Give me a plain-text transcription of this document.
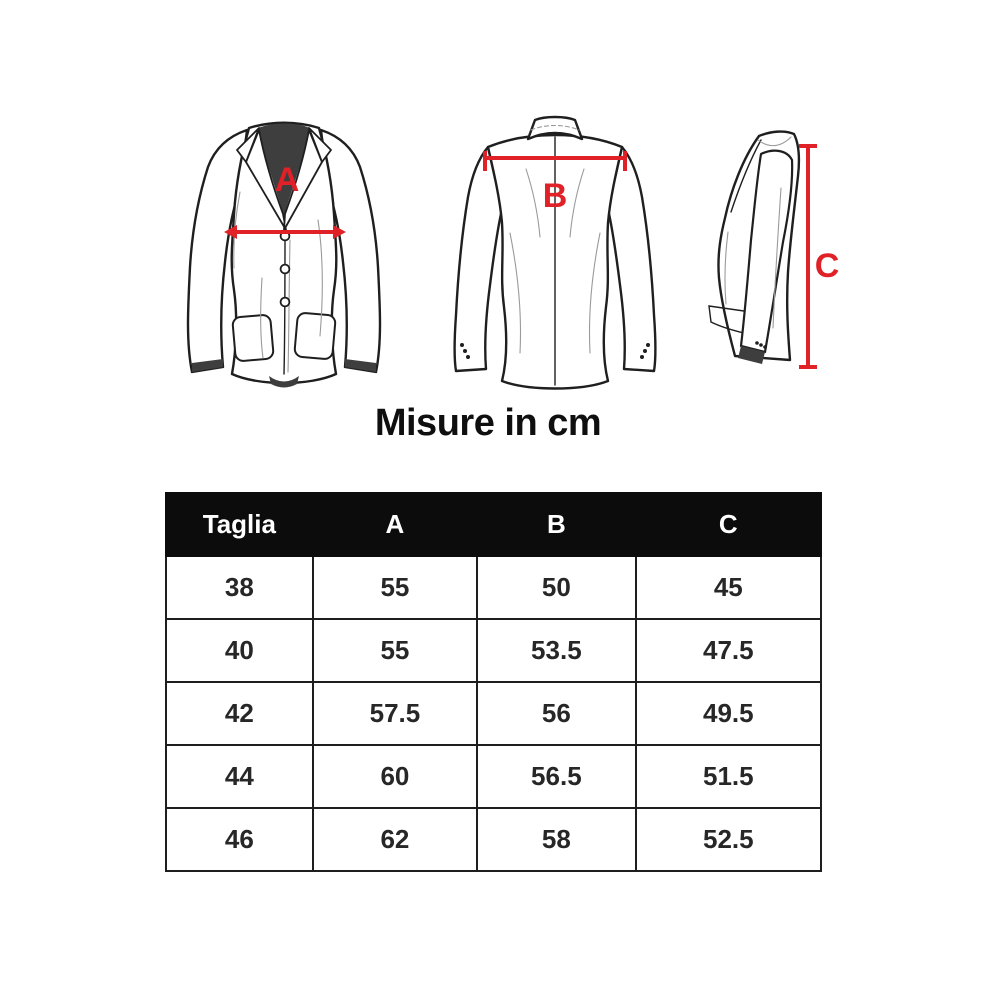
A	B
C
Misure in cm
Taglia	A	B	C
38	55	50	45
40	55	53.5	47.5
42	57.5	56	49.5
44	60	56.5	51.5
46	62	58	52.5
